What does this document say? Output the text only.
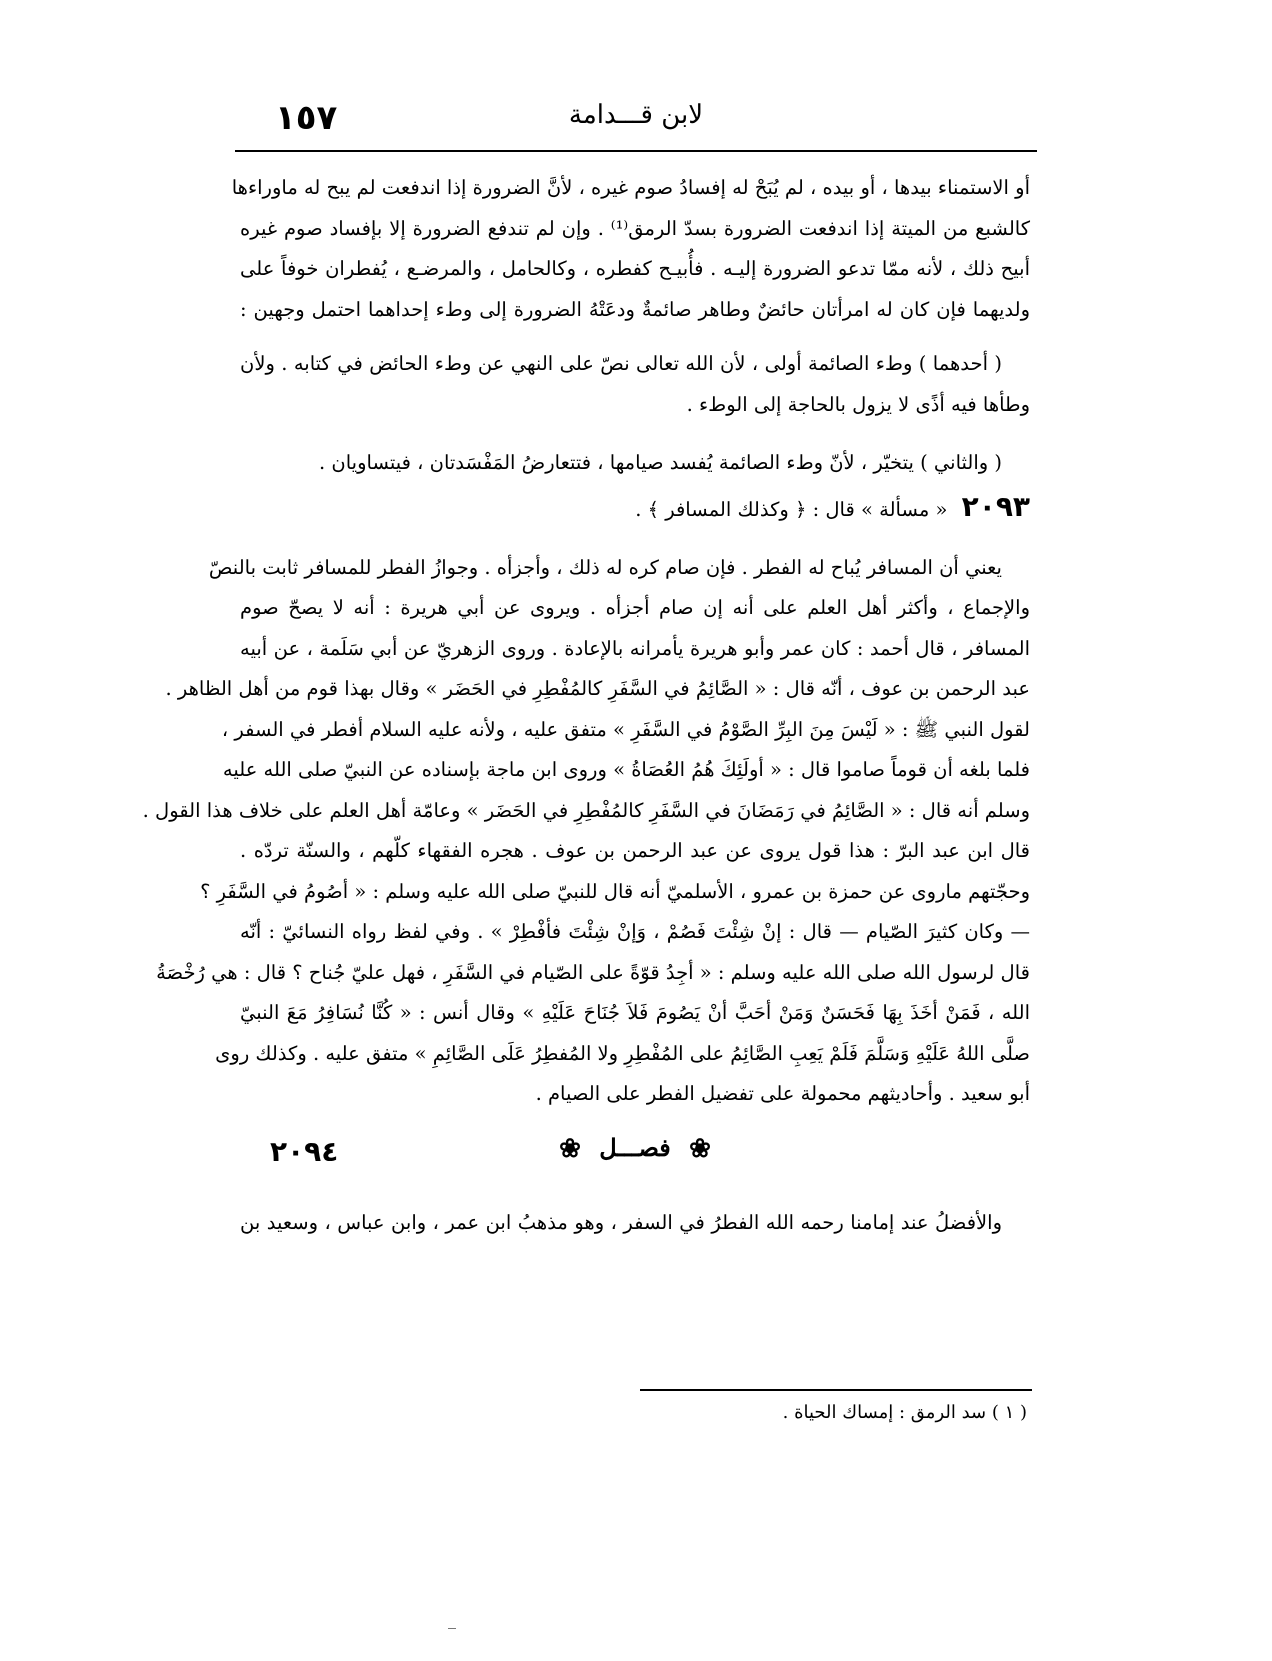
١٥٧	لابن قـــدامة
أو الاستمناء بيدها ، أو بيده ، لم يُبَحْ له إفسادُ صوم غيره ، لأنَّ الضرورة إذا اندفعت لم يبح له ماوراءها
كالشبع من الميتة إذا اندفعت الضرورة بسدّ الرمق⁽¹⁾ . وإن لم تندفع الضرورة إلا بإفساد صوم غيره
أبيح ذلك ، لأنه ممّا تدعو الضرورة إليـه . فأُبيـح كفطره ، وكالحامل ، والمرضـع ، يُفطران خوفاً على
ولديهما فإن كان له امرأتان حائضٌ وطاهر صائمةٌ ودعَتْهُ الضرورة إلى وطء إحداهما احتمل وجهين :
( أحدهما ) وطء الصائمة أولى ، لأن الله تعالى نصّ على النهي عن وطء الحائض في كتابه . ولأن
وطأها فيه أذًى لا يزول بالحاجة إلى الوطء .
( والثاني ) يتخيّر ، لأنّ وطء الصائمة يُفسد صيامها ، فتتعارضُ المَفْسَدتان ، فيتساويان .
٢٠٩٣ « مسألة » قال : ﴿ وكذلك المسافر ﴾ .
يعني أن المسافر يُباح له الفطر . فإن صام كره له ذلك ، وأجزأه . وجوازُ الفطر للمسافر ثابت بالنصّ
والإجماع ، وأكثر أهل العلم على أنه إن صام أجزأه . ويروى عن أبي هريرة : أنه لا يصحّ صوم
المسافر ، قال أحمد : كان عمر وأبو هريرة يأمرانه بالإعادة . وروى الزهريّ عن أبي سَلَمة ، عن أبيه
عبد الرحمن بن عوف ، أنّه قال : « الصَّائِمُ في السَّفَرِ كالمُفْطِرِ في الحَضَر » وقال بهذا قوم من أهل الظاهر .
لقول النبي ﷺ : « لَيْسَ مِنَ البِرِّ الصَّوْمُ في السَّفَرِ » متفق عليه ، ولأنه عليه السلام أفطر في السفر ،
فلما بلغه أن قوماً صاموا قال : « أولَئِكَ هُمُ العُصَاةُ » وروى ابن ماجة بإسناده عن النبيّ صلى الله عليه
وسلم أنه قال : « الصَّائِمُ في رَمَضَانَ في السَّفَرِ كالمُفْطِرِ في الحَضَر » وعامّة أهل العلم على خلاف هذا القول .
قال ابن عبد البرّ : هذا قول يروى عن عبد الرحمن بن عوف . هجره الفقهاء كلّهم ، والسنّة تردّه .
وحجّتهم ماروى عن حمزة بن عمرو ، الأسلميّ أنه قال للنبيّ صلى الله عليه وسلم : « أصُومُ في السَّفَرِ ؟
— وكان كثيرَ الصّيام — قال : إنْ شِئْتَ فَصُمْ ، وَإنْ شِئْتَ فأفْطِرْ » . وفي لفظ رواه النسائيّ : أنّه
قال لرسول الله صلى الله عليه وسلم : « أجِدُ قوّةً على الصّيام في السَّفَرِ ، فهل عليّ جُناح ؟ قال : هي رُخْصَةُ
الله ، فَمَنْ أخَذَ بِهَا فَحَسَنٌ وَمَنْ أحَبَّ أنْ يَصُومَ فَلاَ جُنَاحَ عَلَيْهِ » وقال أنس : « كُنَّا نُسَافِرُ مَعَ النبيّ
صلَّى اللهُ عَلَيْهِ وَسَلَّمَ فَلَمْ يَعِبِ الصَّائِمُ على المُفْطِرِ ولا المُفطِرُ عَلَى الصَّائِمِ » متفق عليه . وكذلك روى
أبو سعيد . وأحاديثهم محمولة على تفضيل الفطر على الصيام .
٢٠٩٤	❀ فصـــل ❀
والأفضلُ عند إمامنا رحمه الله الفطرُ في السفر ، وهو مذهبُ ابن عمر ، وابن عباس ، وسعيد بن
( ١ ) سد الرمق : إمساك الحياة .
